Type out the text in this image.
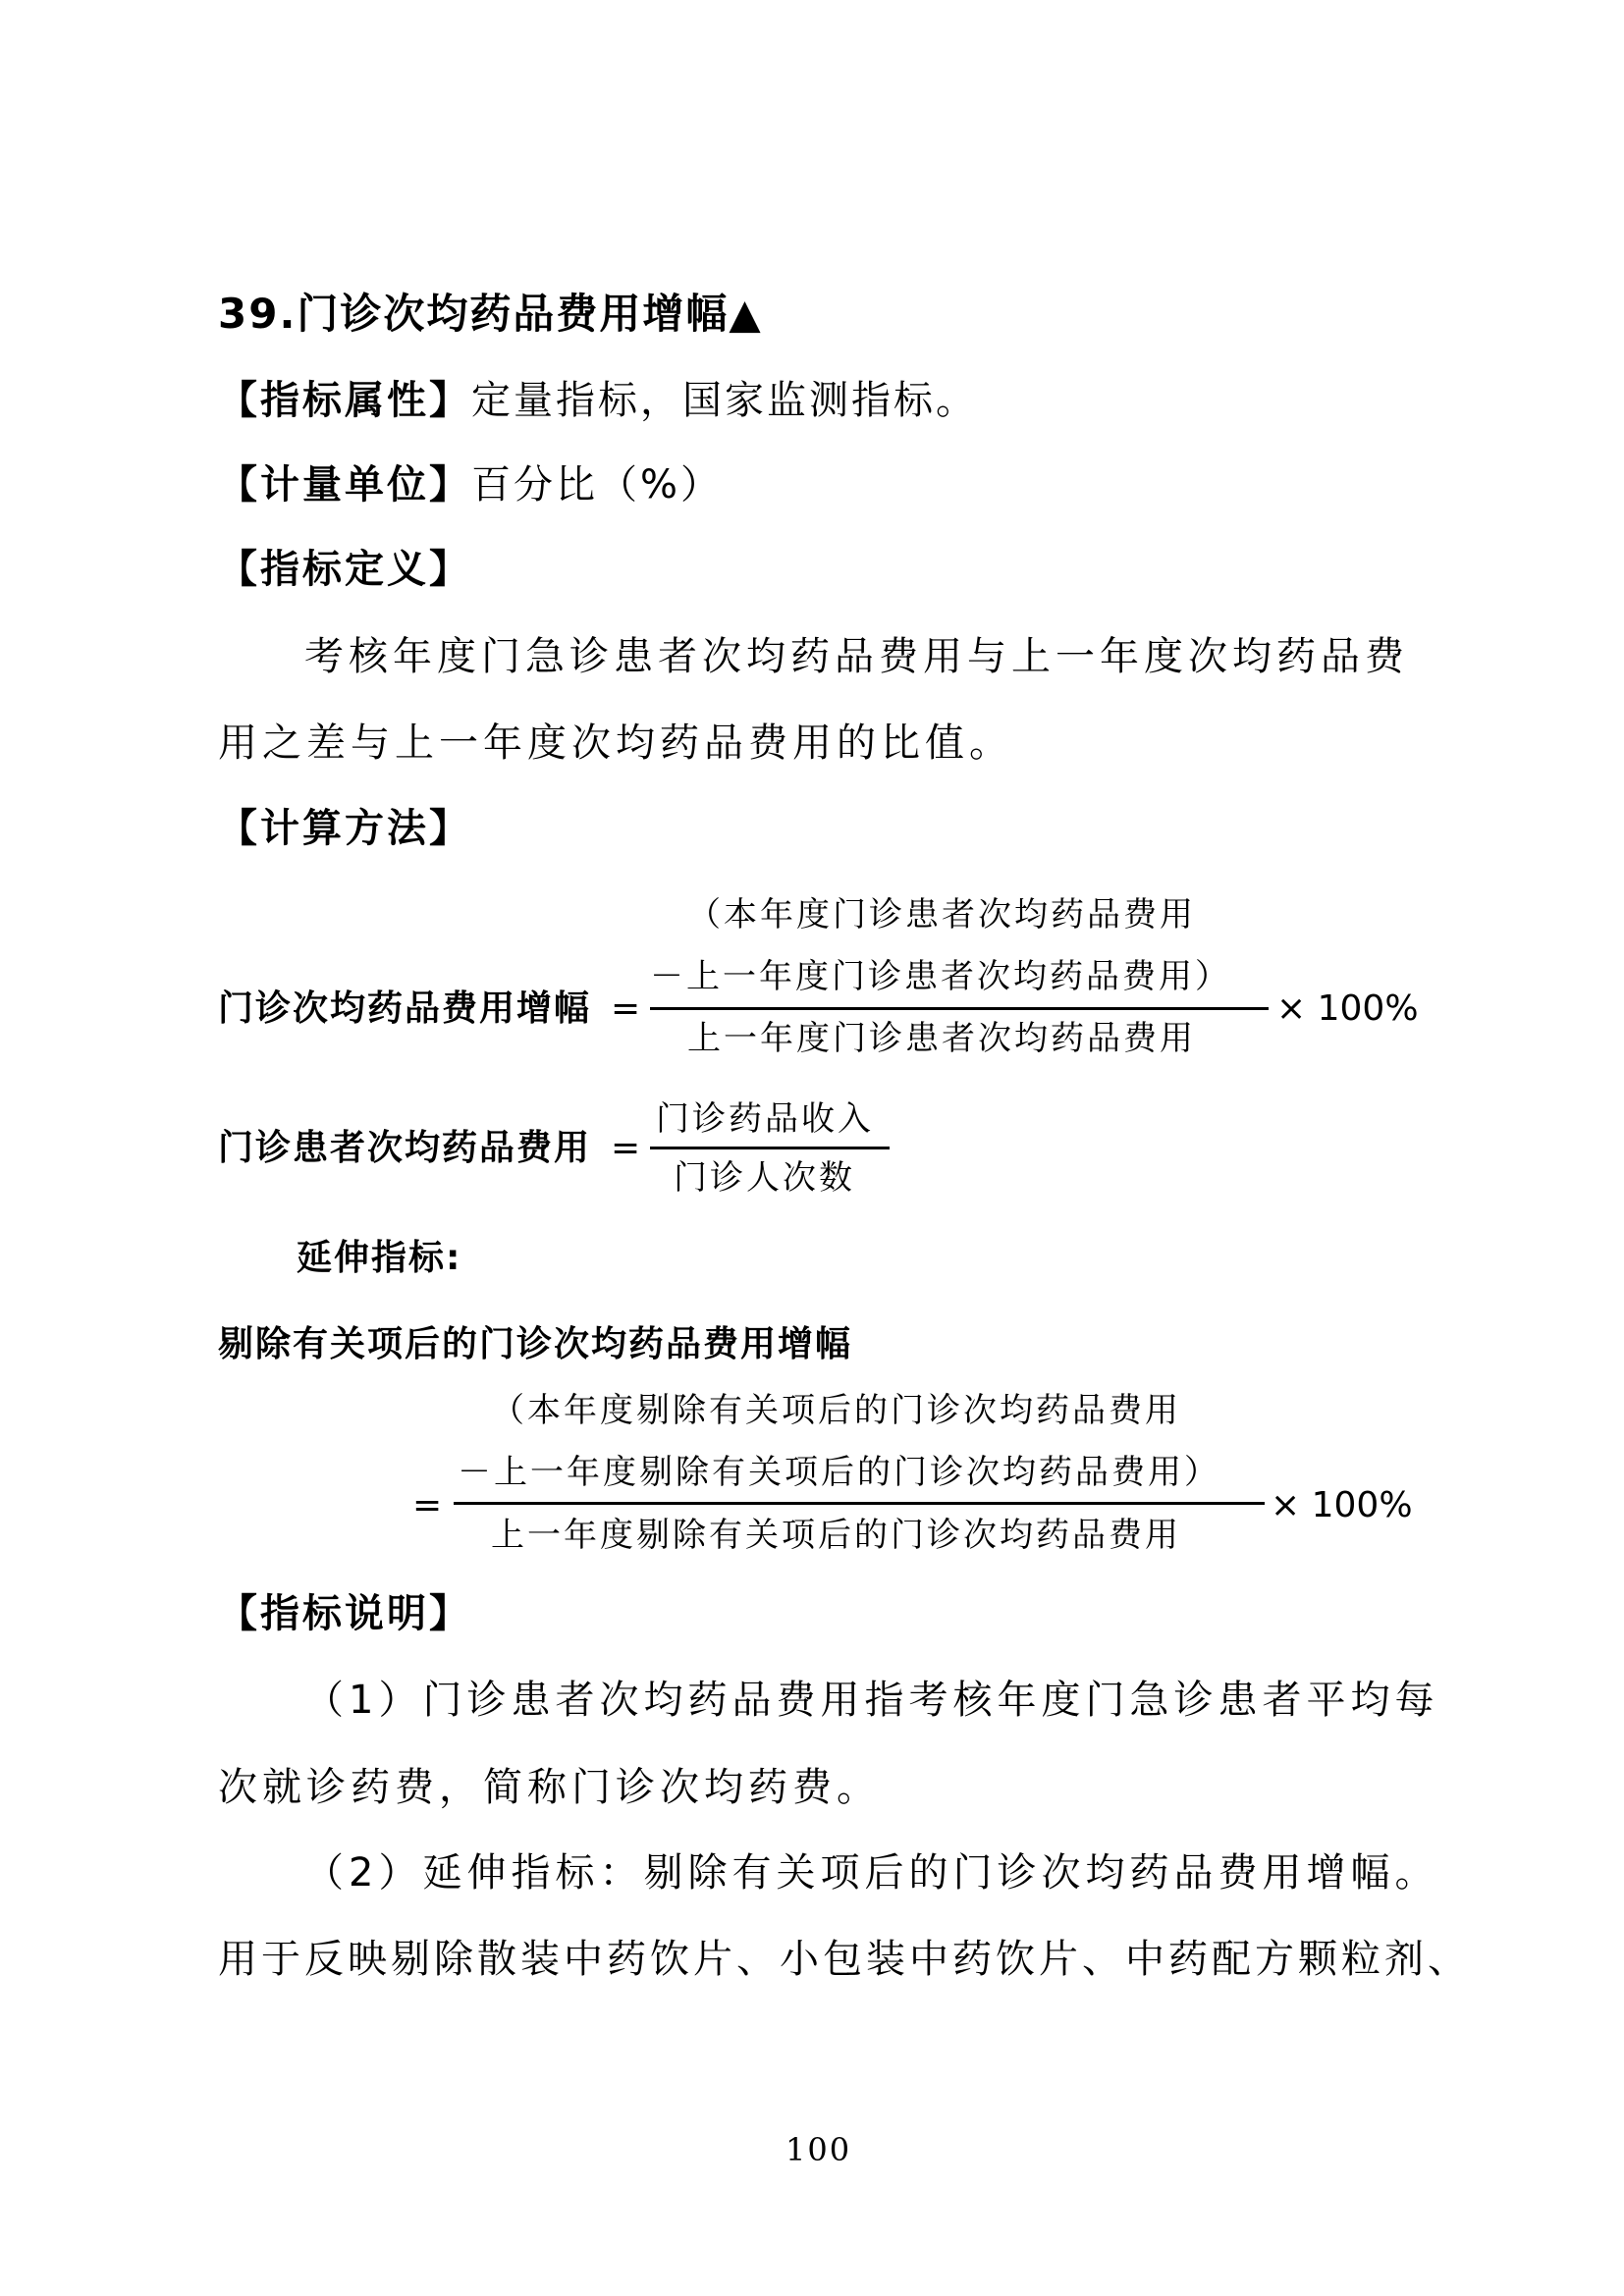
39.门诊次均药品费用增幅▲
【指标属性】定量指标，国家监测指标。
【计量单位】百分比（%）
【指标定义】
考核年度门急诊患者次均药品费用与上一年度次均药品费
用之差与上一年度次均药品费用的比值。
【计算方法】
门诊次均药品费用增幅 =
（本年度门诊患者次均药品费用
－上一年度门诊患者次均药品费用）
上一年度门诊患者次均药品费用
× 100%
门诊患者次均药品费用 =
门诊药品收入
门诊人次数
延伸指标:
剔除有关项后的门诊次均药品费用增幅
=
（本年度剔除有关项后的门诊次均药品费用
－上一年度剔除有关项后的门诊次均药品费用）
上一年度剔除有关项后的门诊次均药品费用
× 100%
【指标说明】
（1）门诊患者次均药品费用指考核年度门急诊患者平均每
次就诊药费，简称门诊次均药费。
（2）延伸指标：剔除有关项后的门诊次均药品费用增幅。
用于反映剔除散装中药饮片、小包装中药饮片、中药配方颗粒剂、
100
